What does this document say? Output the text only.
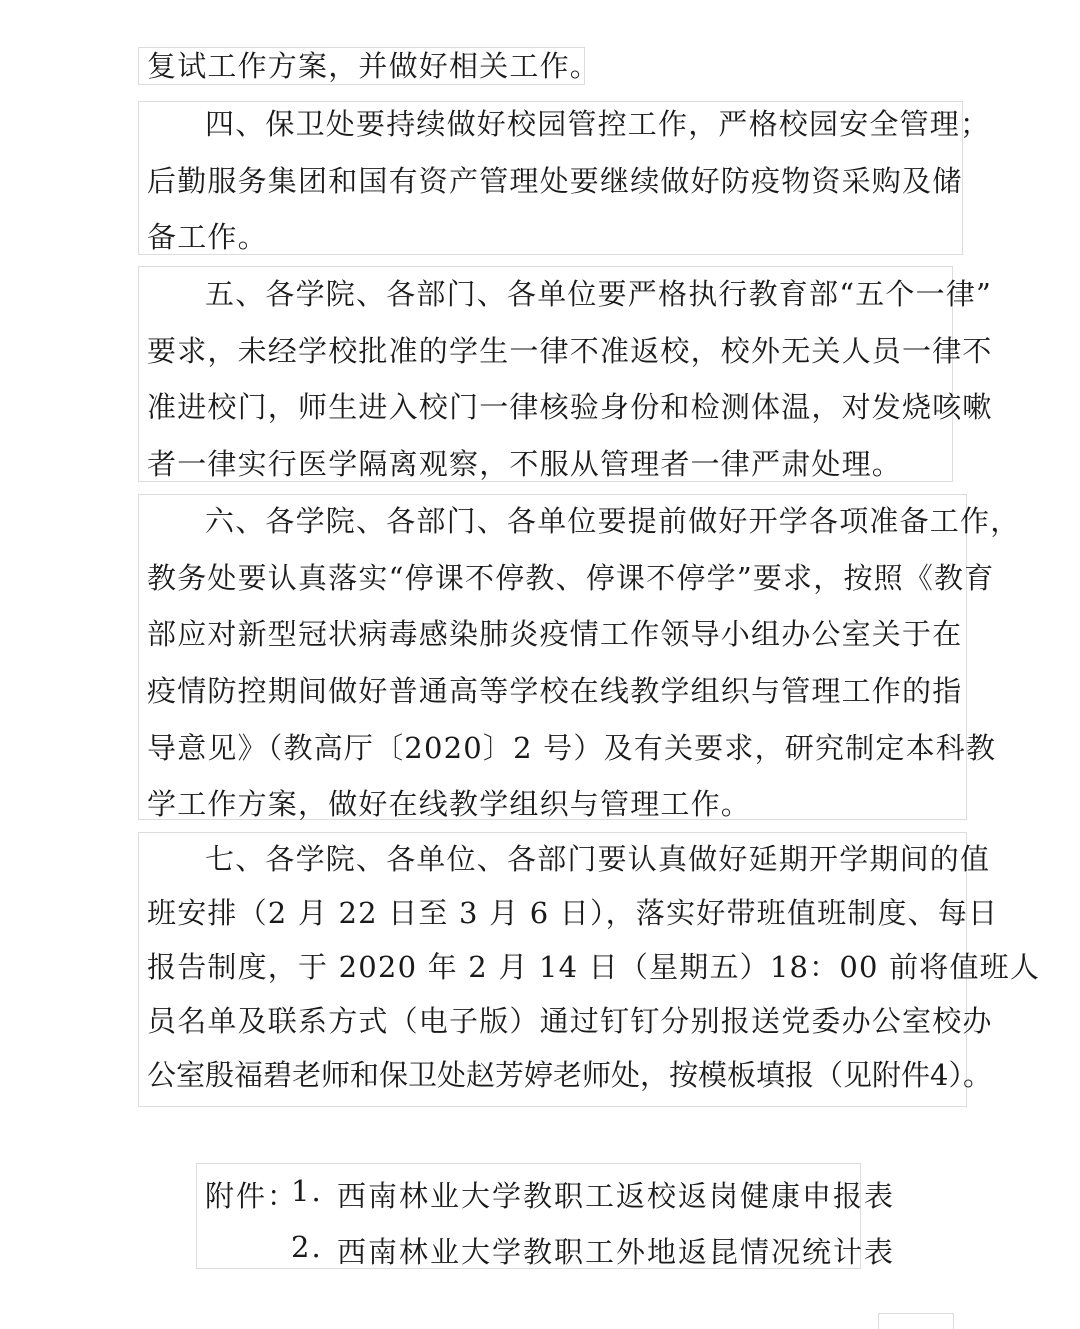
复试工作方案，并做好相关工作。
四、保卫处要持续做好校园管控工作，严格校园安全管理；
后勤服务集团和国有资产管理处要继续做好防疫物资采购及储
备工作。
五、各学院、各部门、各单位要严格执行教育部“五个一律”
要求，未经学校批准的学生一律不准返校，校外无关人员一律不
准进校门，师生进入校门一律核验身份和检测体温，对发烧咳嗽
者一律实行医学隔离观察，不服从管理者一律严肃处理。
六、各学院、各部门、各单位要提前做好开学各项准备工作，
教务处要认真落实“停课不停教、停课不停学”要求，按照《教育
部应对新型冠状病毒感染肺炎疫情工作领导小组办公室关于在
疫情防控期间做好普通高等学校在线教学组织与管理工作的指
导意见》（教高厅〔2020〕2 号）及有关要求，研究制定本科教
学工作方案，做好在线教学组织与管理工作。
七、各学院、各单位、各部门要认真做好延期开学期间的值
班安排（2 月 22 日至 3 月 6 日），落实好带班值班制度、每日
报告制度，于 2020 年 2 月 14 日（星期五）18：00 前将值班人
员名单及联系方式（电子版）通过钉钉分别报送党委办公室校办
公室殷福碧老师和保卫处赵芳婷老师处，按模板填报（见附件4）。
附件：
1. 西南林业大学教职工返校返岗健康申报表
2. 西南林业大学教职工外地返昆情况统计表
